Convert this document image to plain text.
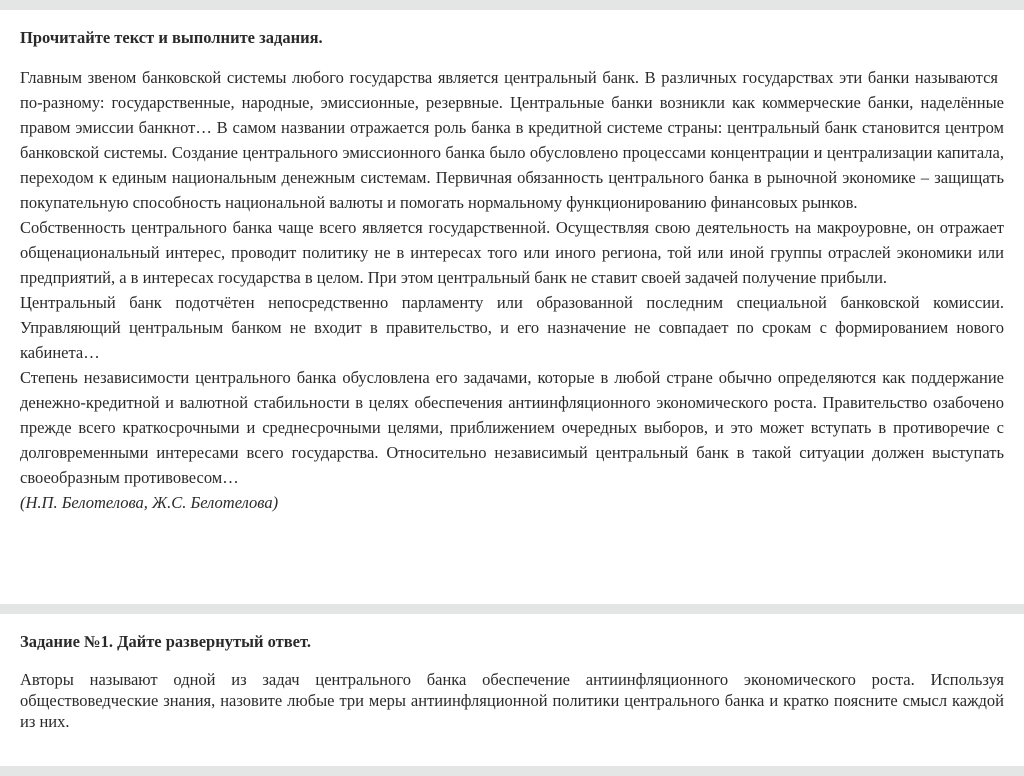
Прочитайте текст и выполните задания.

Главным звеном банковской системы любого государства является центральный банк. В различных государствах эти банки называются

по-разному: государственные, народные, эмиссионные, резервные. Центральные банки возникли как коммерческие банки, наделённые правом эмиссии банкнот… В самом названии отражается роль банка в кредитной системе страны: центральный банк становится центром банковской системы. Создание центрального эмиссионного банка было обусловлено процессами концентрации и централизации капитала, переходом к единым национальным денежным системам. Первичная обязанность центрального банка в рыночной экономике – защищать покупательную способность национальной валюты и помогать нормальному функционированию финансовых рынков.

Собственность центрального банка чаще всего является государственной. Осуществляя свою деятельность на макроуровне, он отражает общенациональный интерес, проводит политику не в интересах того или иного региона, той или иной группы отраслей экономики или предприятий, а в интересах государства в целом. При этом центральный банк не ставит своей задачей получение прибыли.

Центральный банк подотчётен непосредственно парламенту или образованной последним специальной банковской комиссии. Управляющий центральным банком не входит в правительство, и его назначение не совпадает по срокам с формированием нового кабинета…

Степень независимости центрального банка обусловлена его задачами, которые в любой стране обычно определяются как поддержание денежно-кредитной и валютной стабильности в целях обеспечения антиинфляционного экономического роста. Правительство озабочено прежде всего краткосрочными и среднесрочными целями, приближением очередных выборов, и это может вступать в противоречие с долговременными интересами всего государства. Относительно независимый центральный банк в такой ситуации должен выступать своеобразным противовесом…

(Н.П. Белотелова, Ж.С. Белотелова)

Задание №1. Дайте развернутый ответ.

Авторы называют одной из задач центрального банка обеспечение антиинфляционного экономического роста. Используя обществоведческие знания, назовите любые три меры антиинфляционной политики центрального банка и кратко поясните смысл каждой из них.
